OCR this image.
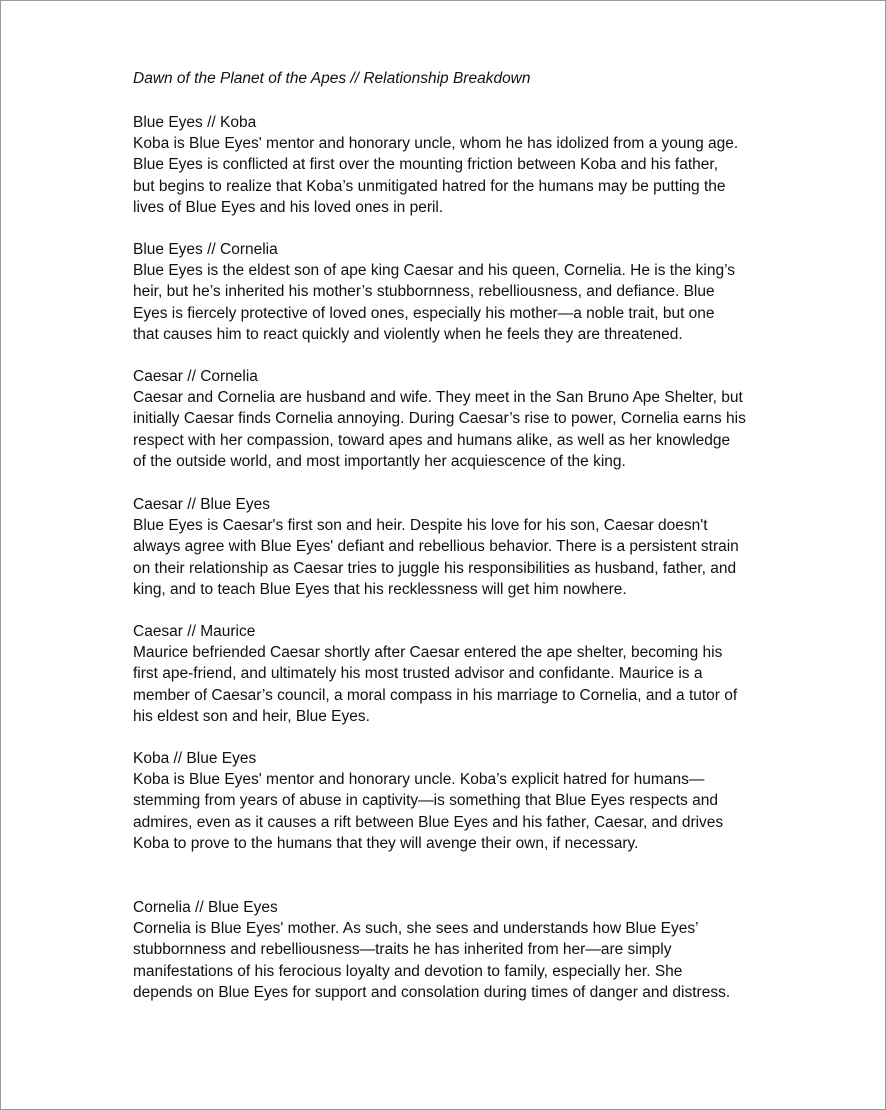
Dawn of the Planet of the Apes // Relationship Breakdown
Blue Eyes // Koba
Koba is Blue Eyes' mentor and honorary uncle, whom he has idolized from a young age.
Blue Eyes is conflicted at first over the mounting friction between Koba and his father,
but begins to realize that Koba’s unmitigated hatred for the humans may be putting the
lives of Blue Eyes and his loved ones in peril.
Blue Eyes // Cornelia
Blue Eyes is the eldest son of ape king Caesar and his queen, Cornelia. He is the king’s
heir, but he’s inherited his mother’s stubbornness, rebelliousness, and defiance. Blue
Eyes is fiercely protective of loved ones, especially his mother—a noble trait, but one
that causes him to react quickly and violently when he feels they are threatened.
Caesar // Cornelia
Caesar and Cornelia are husband and wife. They meet in the San Bruno Ape Shelter, but
initially Caesar finds Cornelia annoying. During Caesar’s rise to power, Cornelia earns his
respect with her compassion, toward apes and humans alike, as well as her knowledge
of the outside world, and most importantly her acquiescence of the king.
Caesar // Blue Eyes
Blue Eyes is Caesar's first son and heir. Despite his love for his son, Caesar doesn't
always agree with Blue Eyes' defiant and rebellious behavior. There is a persistent strain
on their relationship as Caesar tries to juggle his responsibilities as husband, father, and
king, and to teach Blue Eyes that his recklessness will get him nowhere.
Caesar // Maurice
Maurice befriended Caesar shortly after Caesar entered the ape shelter, becoming his
first ape-friend, and ultimately his most trusted advisor and confidante. Maurice is a
member of Caesar’s council, a moral compass in his marriage to Cornelia, and a tutor of
his eldest son and heir, Blue Eyes.
Koba // Blue Eyes
Koba is Blue Eyes' mentor and honorary uncle. Koba’s explicit hatred for humans—
stemming from years of abuse in captivity—is something that Blue Eyes respects and
admires, even as it causes a rift between Blue Eyes and his father, Caesar, and drives
Koba to prove to the humans that they will avenge their own, if necessary.
Cornelia // Blue Eyes
Cornelia is Blue Eyes' mother. As such, she sees and understands how Blue Eyes’
stubbornness and rebelliousness—traits he has inherited from her—are simply
manifestations of his ferocious loyalty and devotion to family, especially her. She
depends on Blue Eyes for support and consolation during times of danger and distress.
